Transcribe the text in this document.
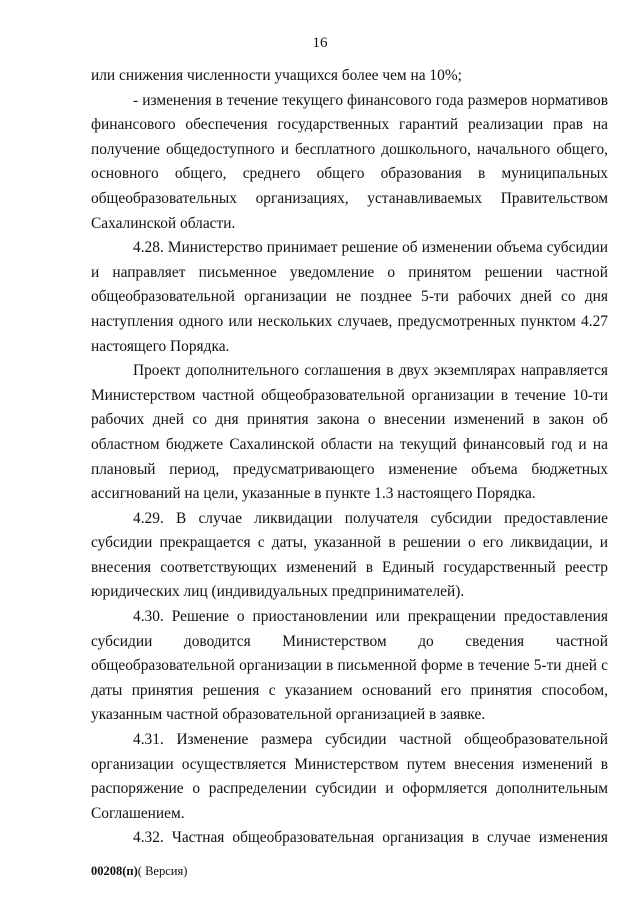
16

или снижения численности учащихся более чем на 10%;

- изменения в течение текущего финансового года размеров нормативов финансового обеспечения государственных гарантий реализации прав на получение общедоступного и бесплатного дошкольного, начального общего, основного общего, среднего общего образования в муниципальных общеобразовательных организациях, устанавливаемых Правительством Сахалинской области.

4.28. Министерство принимает решение об изменении объема субсидии и направляет письменное уведомление о принятом решении частной общеобразовательной организации не позднее 5-ти рабочих дней со дня наступления одного или нескольких случаев, предусмотренных пунктом 4.27 настоящего Порядка.

Проект дополнительного соглашения в двух экземплярах направляется Министерством частной общеобразовательной организации в течение 10-ти рабочих дней со дня принятия закона о внесении изменений в закон об областном бюджете Сахалинской области на текущий финансовый год и на плановый период, предусматривающего изменение объема бюджетных ассигнований на цели, указанные в пункте 1.3 настоящего Порядка.

4.29. В случае ликвидации получателя субсидии предоставление субсидии прекращается с даты, указанной в решении о его ликвидации, и внесения соответствующих изменений в Единый государственный реестр юридических лиц (индивидуальных предпринимателей).

4.30. Решение о приостановлении или прекращении предоставления субсидии доводится Министерством до сведения частной общеобразовательной организации в письменной форме в течение 5-ти дней с даты принятия решения с указанием оснований его принятия способом, указанным частной образовательной организацией в заявке.

4.31. Изменение размера субсидии частной общеобразовательной организации осуществляется Министерством путем внесения изменений в распоряжение о распределении субсидии и оформляется дополнительным Соглашением.

4.32. Частная общеобразовательная организация в случае изменения

00208(п)( Версия)
